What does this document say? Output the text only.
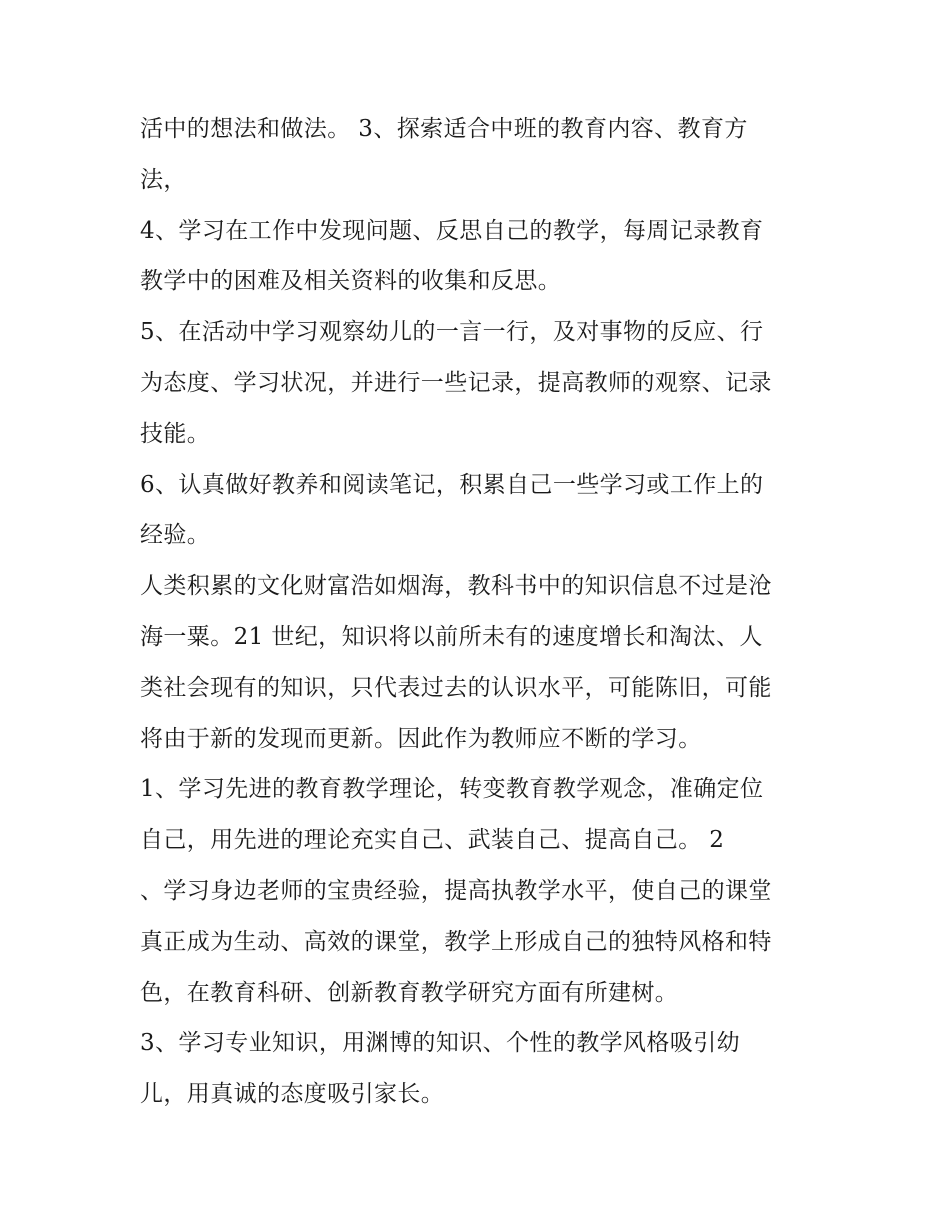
活中的想法和做法。 3、探索适合中班的教育内容、教育方
法，
4、学习在工作中发现问题、反思自己的教学，每周记录教育
教学中的困难及相关资料的收集和反思。
5、在活动中学习观察幼儿的一言一行，及对事物的反应、行
为态度、学习状况，并进行一些记录，提高教师的观察、记录
技能。
6、认真做好教养和阅读笔记，积累自己一些学习或工作上的
经验。
人类积累的文化财富浩如烟海，教科书中的知识信息不过是沧
海一粟。21 世纪，知识将以前所未有的速度增长和淘汰、人
类社会现有的知识，只代表过去的认识水平，可能陈旧，可能
将由于新的发现而更新。因此作为教师应不断的学习。
1、学习先进的教育教学理论，转变教育教学观念，准确定位
自己，用先进的理论充实自己、武装自己、提高自己。 2
、学习身边老师的宝贵经验，提高执教学水平，使自己的课堂
真正成为生动、高效的课堂，教学上形成自己的独特风格和特
色，在教育科研、创新教育教学研究方面有所建树。
3、学习专业知识，用渊博的知识、个性的教学风格吸引幼
儿，用真诚的态度吸引家长。
